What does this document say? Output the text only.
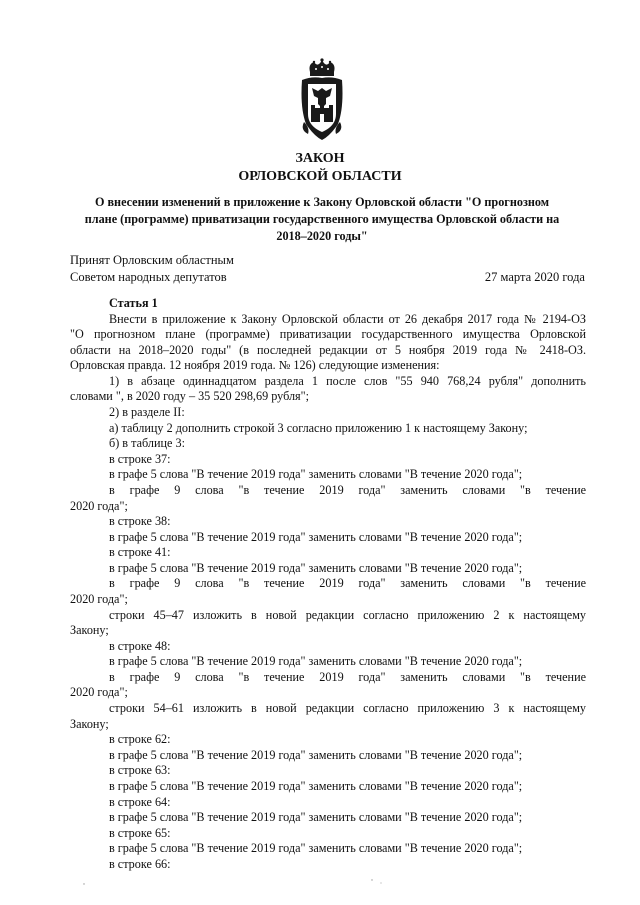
ЗАКОН
ОРЛОВСКОЙ ОБЛАСТИ
О внесении изменений в приложение к Закону Орловской области "О прогнозном
плане (программе) приватизации государственного имущества Орловской области на
2018–2020 годы"
Принят Орловским областным
Советом народных депутатов	27 марта 2020 года
Статья 1
Внести в приложение к Закону Орловской области от 26 декабря 2017 года № 2194-ОЗ
"О прогнозном плане (программе) приватизации государственного имущества Орловской
области на 2018–2020 годы" (в последней редакции от 5 ноября 2019 года № 2418-ОЗ.
Орловская правда. 12 ноября 2019 года. № 126) следующие изменения:
1) в абзаце одиннадцатом раздела 1 после слов "55 940 768,24 рубля" дополнить
словами ", в 2020 году – 35 520 298,69 рубля";
2) в разделе II:
а) таблицу 2 дополнить строкой 3 согласно приложению 1 к настоящему Закону;
б) в таблице 3:
в строке 37:
в графе 5 слова "В течение 2019 года" заменить словами "В течение 2020 года";
в графе 9 слова "в течение 2019 года" заменить словами "в течение
2020 года";
в строке 38:
в графе 5 слова "В течение 2019 года" заменить словами "В течение 2020 года";
в строке 41:
в графе 5 слова "В течение 2019 года" заменить словами "В течение 2020 года";
в графе 9 слова "в течение 2019 года" заменить словами "в течение
2020 года";
строки 45–47 изложить в новой редакции согласно приложению 2 к настоящему
Закону;
в строке 48:
в графе 5 слова "В течение 2019 года" заменить словами "В течение 2020 года";
в графе 9 слова "в течение 2019 года" заменить словами "в течение
2020 года";
строки 54–61 изложить в новой редакции согласно приложению 3 к настоящему
Закону;
в строке 62:
в графе 5 слова "В течение 2019 года" заменить словами "В течение 2020 года";
в строке 63:
в графе 5 слова "В течение 2019 года" заменить словами "В течение 2020 года";
в строке 64:
в графе 5 слова "В течение 2019 года" заменить словами "В течение 2020 года";
в строке 65:
в графе 5 слова "В течение 2019 года" заменить словами "В течение 2020 года";
в строке 66:
